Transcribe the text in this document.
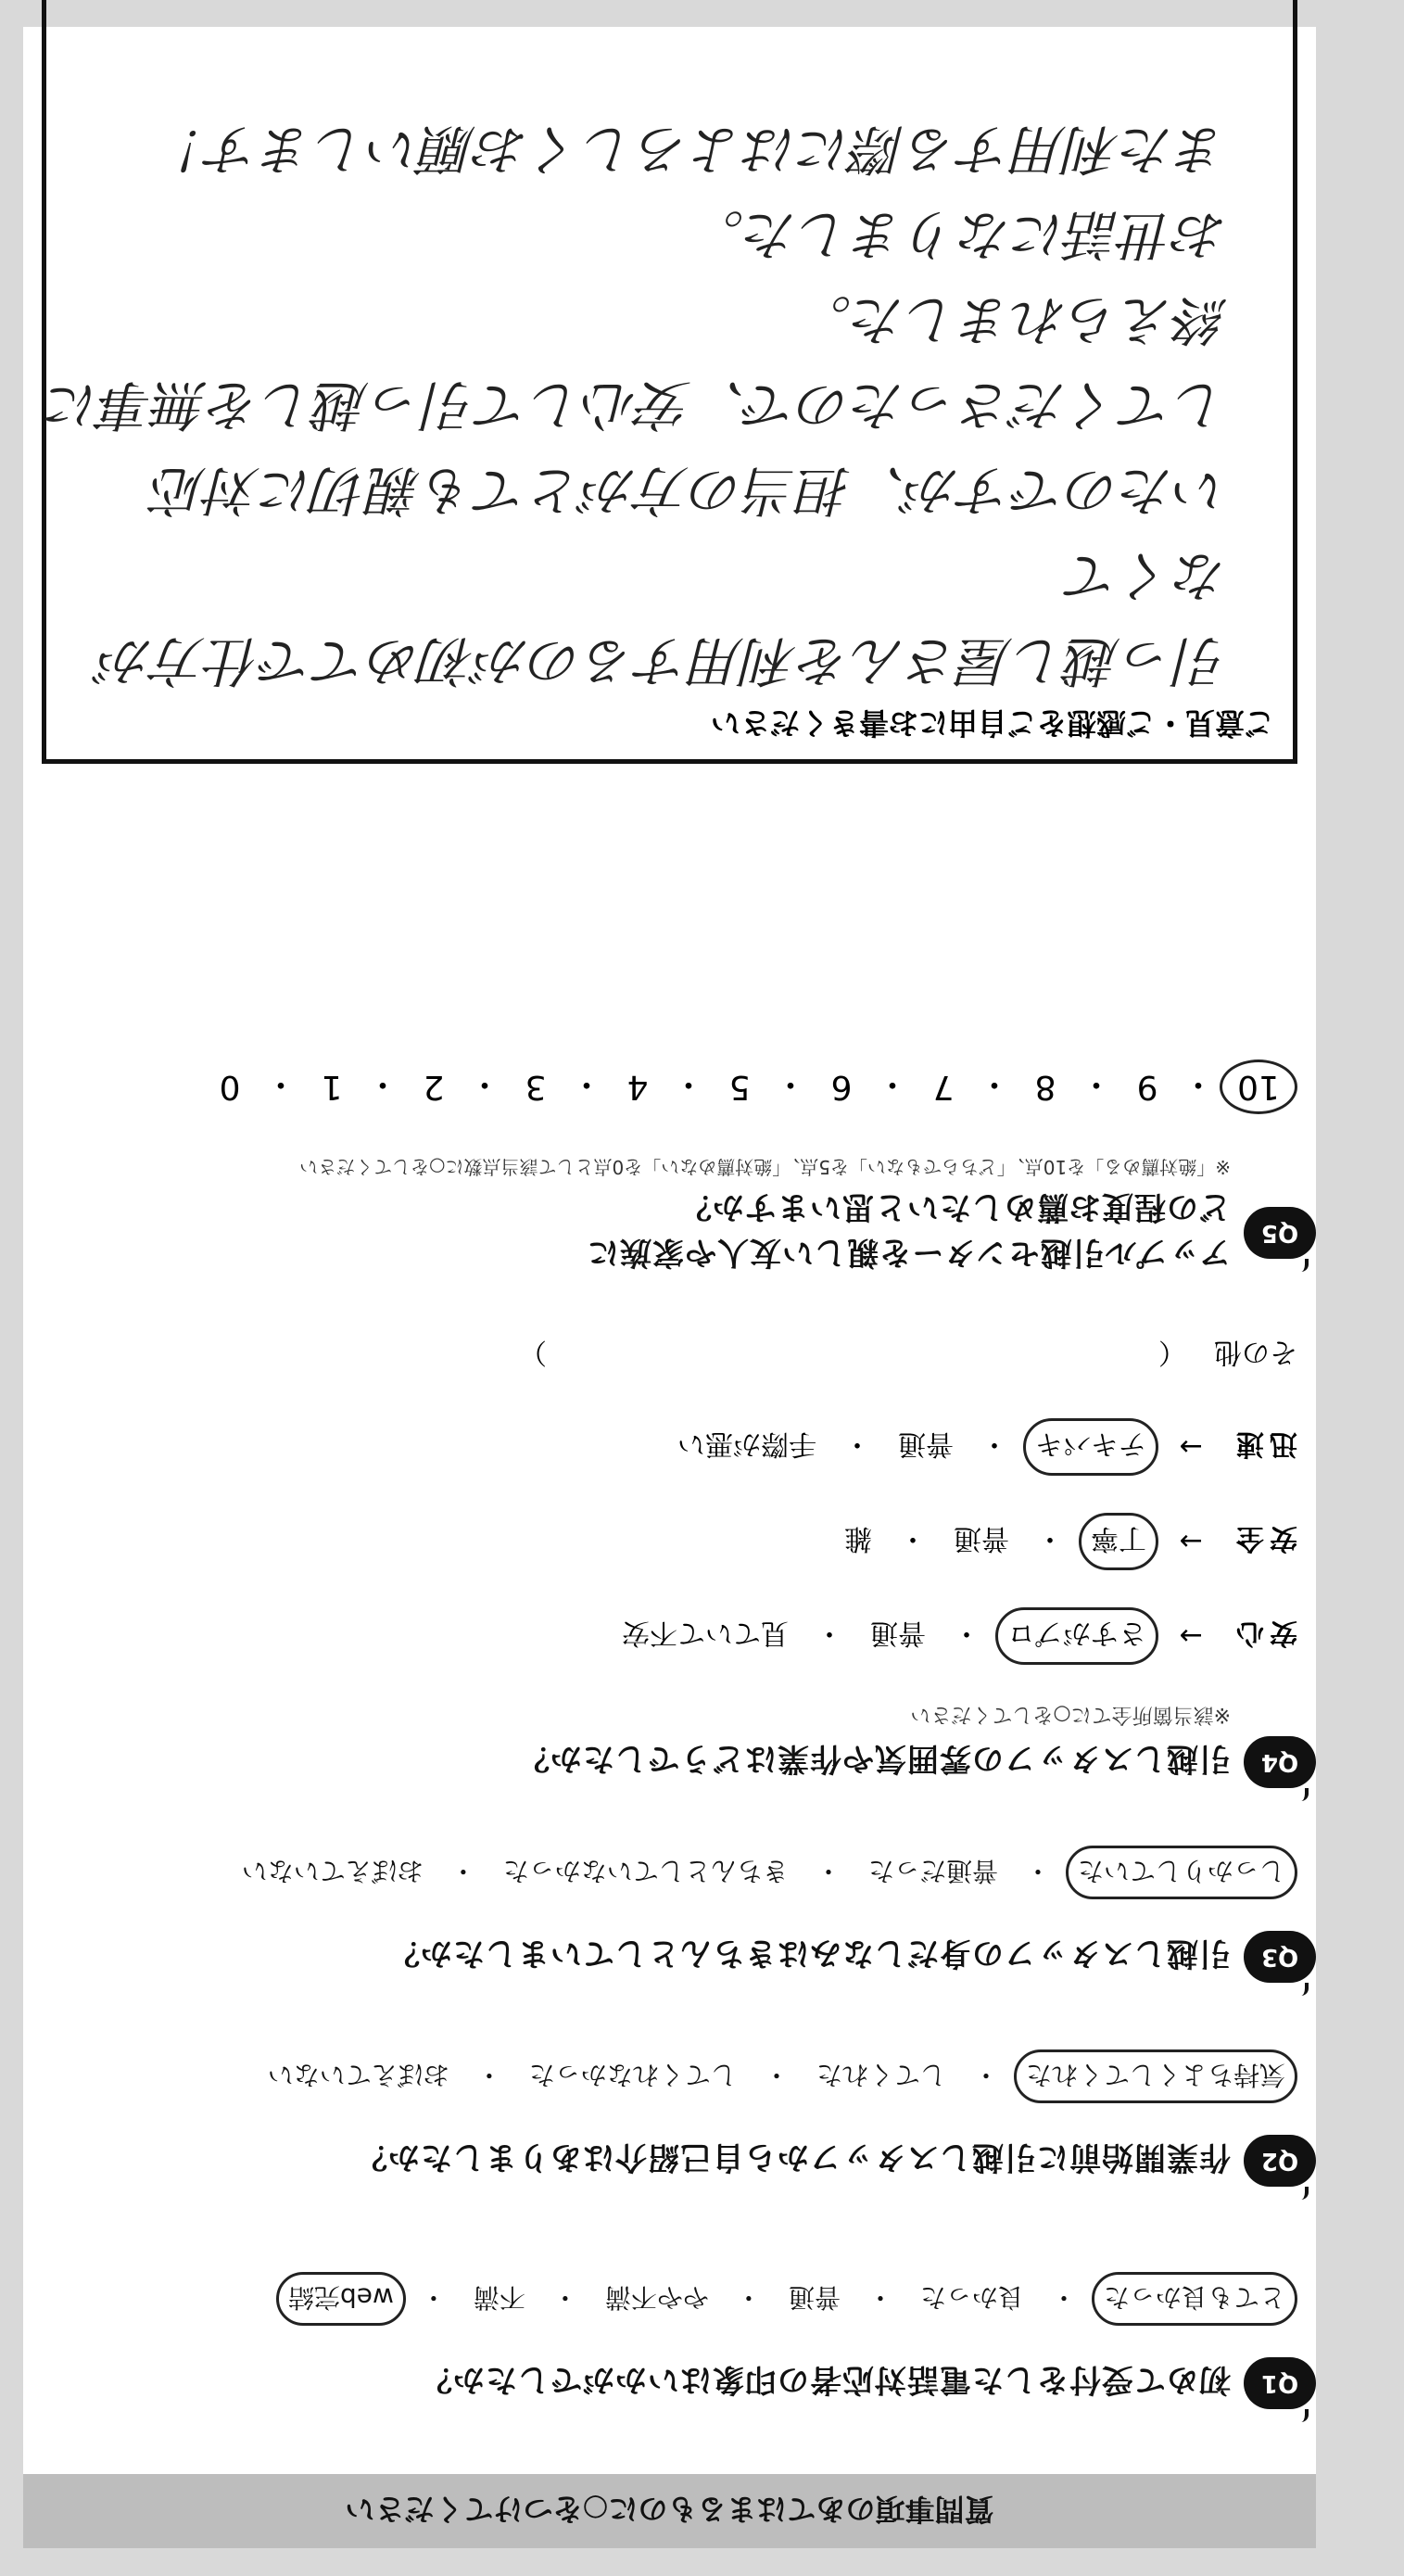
質問事項のあてはまるものに○をつけてください
Q1
初めて受付をした電話対応者の印象はいかがでしたか？
とても良かった
・
良かった
・
普通
・
やや不満
・
不満
・
web完結
Q2
作業開始前に引越しスタッフから自己紹介はありましたか？
気持ちよくしてくれた
・
してくれた
・
してくれなかった
・
おぼえていない
Q3
引越しスタッフの身だしなみはきちんとしていましたか？
しっかりしていた
・
普通だった
・
きちんとしていなかった
・
おぼえていない
Q4
引越しスタッフの雰囲気や作業はどうでしたか？
※該当箇所全てに○をしてください
安心
→
さすがプロ
・
普通
・
見ていて不安
安全
→
丁寧
・
普通
・
雑
迅速
→
テキパキ
・
普通
・
手際が悪い
その他
（
）
Q5
アップル引越センターを親しい友人や家族に
どの程度お薦めしたいと思いますか？
※「絶対薦める」を10点、「どちらでもない」を5点、「絶対薦めない」を0点として該当点数に○をしてください
10
・
9
・
8
・
7
・
6
・
5
・
4
・
3
・
2
・
1
・
0
ご意見・ご感想をご自由にお書きください
引っ越し屋さんを利用するのが初めてで仕方がなくて
いたのですが、担当の方がとても親切に対応
してくださったので、安心して引っ越しを無事に
終えられました。
お世話になりました。
また利用する際にはよろしくお願いします！
